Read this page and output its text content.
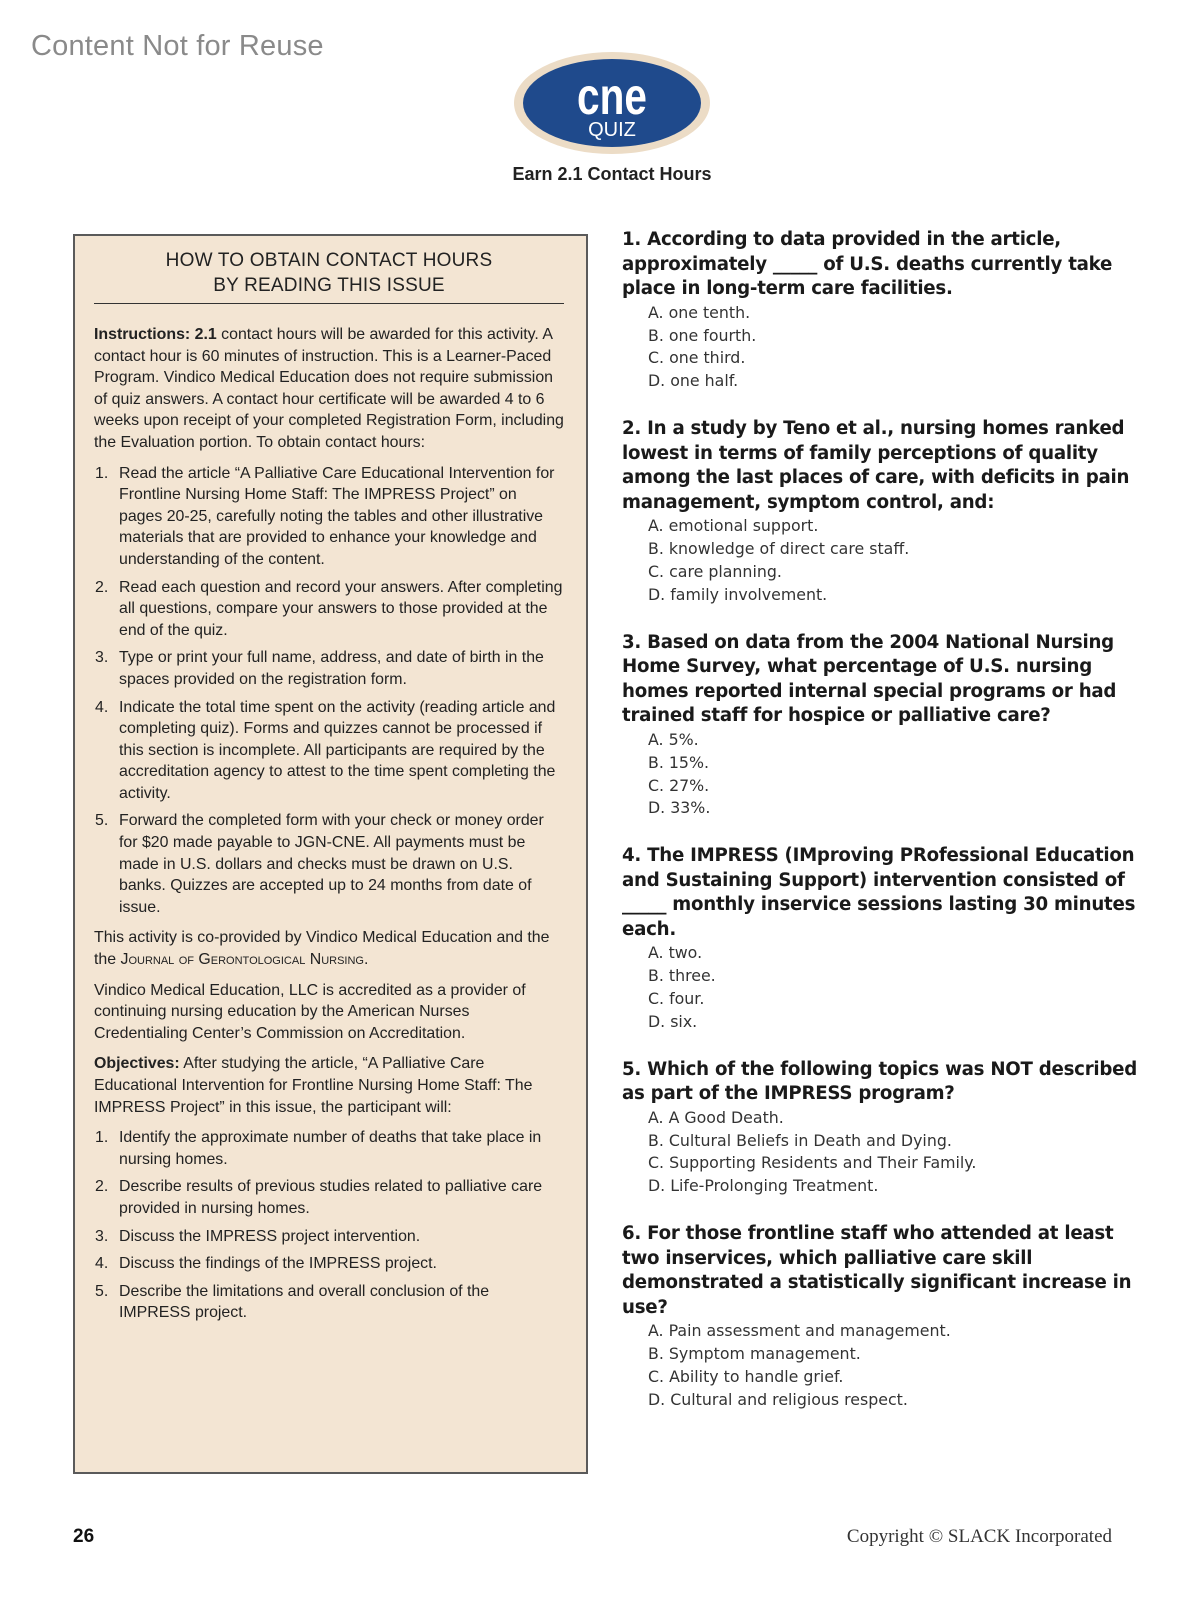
Content Not for Reuse
cne
QUIZ
Earn 2.1 Contact Hours
HOW TO OBTAIN CONTACT HOURS
BY READING THIS ISSUE

Instructions: 2.1 contact hours will be awarded for this activity. A contact hour is 60 minutes of instruction. This is a Learner-Paced Program. Vindico Medical Education does not require submission of quiz answers. A contact hour certificate will be awarded 4 to 6 weeks upon receipt of your completed Registration Form, including the Evaluation portion. To obtain contact hours:

1. Read the article “A Palliative Care Educational Intervention for Frontline Nursing Home Staff: The IMPRESS Project” on pages 20-25, carefully noting the tables and other illustrative materials that are provided to enhance your knowledge and understanding of the content.
2. Read each question and record your answers. After completing all questions, compare your answers to those provided at the end of the quiz.
3. Type or print your full name, address, and date of birth in the spaces provided on the registration form.
4. Indicate the total time spent on the activity (reading article and completing quiz). Forms and quizzes cannot be processed if this section is incomplete. All participants are required by the accreditation agency to attest to the time spent completing the activity.
5. Forward the completed form with your check or money order for $20 made payable to JGN-CNE. All payments must be made in U.S. dollars and checks must be drawn on U.S. banks. Quizzes are accepted up to 24 months from date of issue.

This activity is co-provided by Vindico Medical Education and the the Journal of Gerontological Nursing.

Vindico Medical Education, LLC is accredited as a provider of continuing nursing education by the American Nurses Credentialing Center’s Commission on Accreditation.

Objectives: After studying the article, “A Palliative Care Educational Intervention for Frontline Nursing Home Staff: The IMPRESS Project” in this issue, the participant will:

1. Identify the approximate number of deaths that take place in nursing homes.
2. Describe results of previous studies related to palliative care provided in nursing homes.
3. Discuss the IMPRESS project intervention.
4. Discuss the findings of the IMPRESS project.
5. Describe the limitations and overall conclusion of the IMPRESS project.
1. According to data provided in the article, approximately _____ of U.S. deaths currently take place in long-term care facilities.
A. one tenth.
B. one fourth.
C. one third.
D. one half.
2. In a study by Teno et al., nursing homes ranked lowest in terms of family perceptions of quality among the last places of care, with deficits in pain management, symptom control, and:
A. emotional support.
B. knowledge of direct care staff.
C. care planning.
D. family involvement.
3. Based on data from the 2004 National Nursing Home Survey, what percentage of U.S. nursing homes reported internal special programs or had trained staff for hospice or palliative care?
A. 5%.
B. 15%.
C. 27%.
D. 33%.
4. The IMPRESS (IMproving PRofessional Education and Sustaining Support) intervention consisted of _____ monthly inservice sessions lasting 30 minutes each.
A. two.
B. three.
C. four.
D. six.
5. Which of the following topics was NOT described as part of the IMPRESS program?
A. A Good Death.
B. Cultural Beliefs in Death and Dying.
C. Supporting Residents and Their Family.
D. Life-Prolonging Treatment.
6. For those frontline staff who attended at least two inservices, which palliative care skill demonstrated a statistically significant increase in use?
A. Pain assessment and management.
B. Symptom management.
C. Ability to handle grief.
D. Cultural and religious respect.
26	Copyright © SLACK Incorporated
